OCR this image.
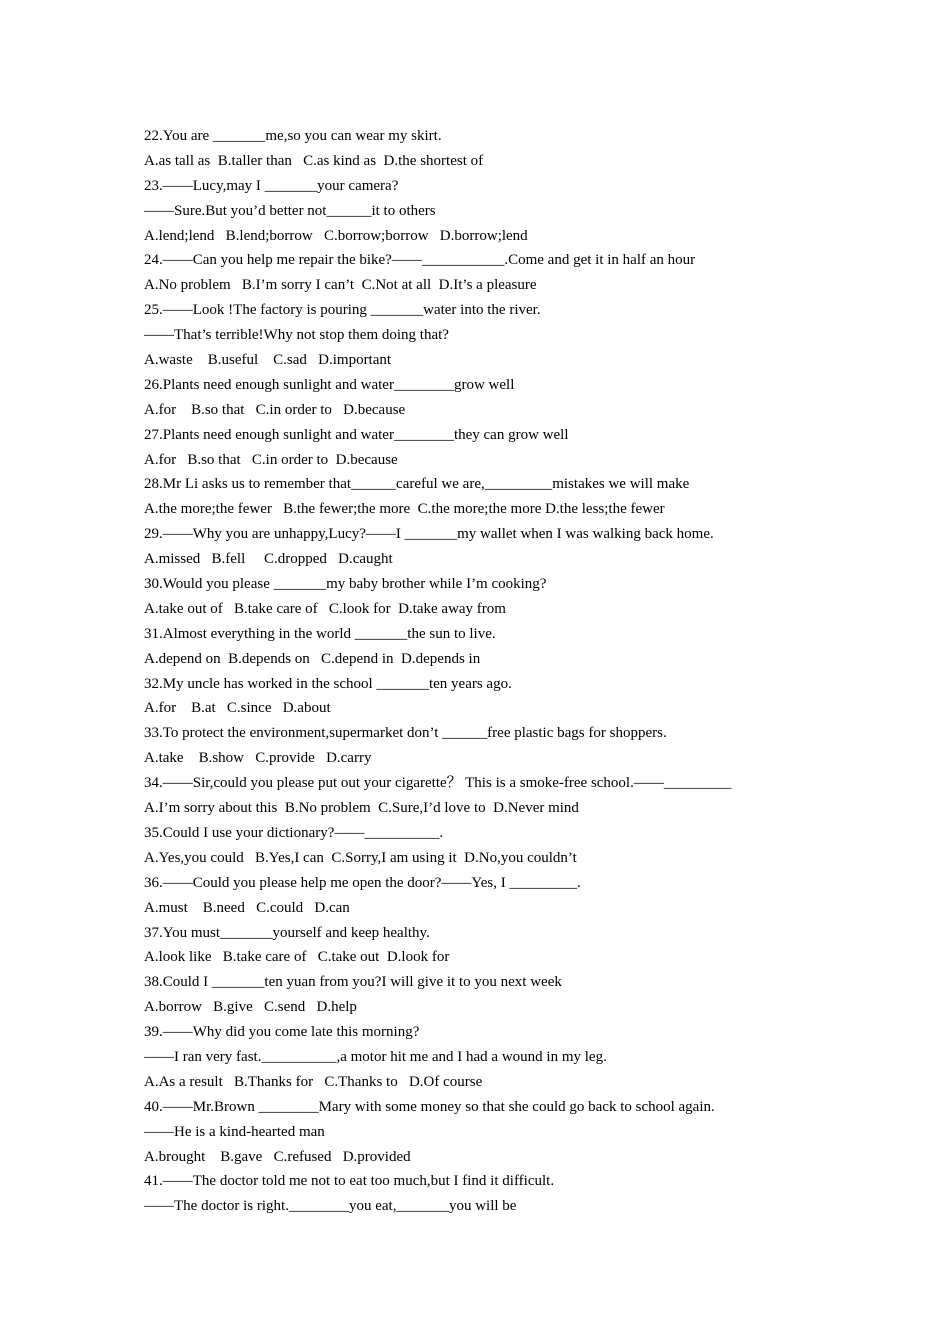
22.You are _______me,so you can wear my skirt.
A.as tall as  B.taller than   C.as kind as  D.the shortest of
23.——Lucy,may I _______your camera?
——Sure.But you’d better not______it to others
A.lend;lend   B.lend;borrow   C.borrow;borrow   D.borrow;lend
24.——Can you help me repair the bike?——___________.Come and get it in half an hour
A.No problem   B.I’m sorry I can’t  C.Not at all  D.It’s a pleasure
25.——Look !The factory is pouring _______water into the river.
——That’s terrible!Why not stop them doing that?
A.waste    B.useful    C.sad   D.important
26.Plants need enough sunlight and water________grow well
A.for    B.so that   C.in order to   D.because
27.Plants need enough sunlight and water________they can grow well
A.for   B.so that   C.in order to  D.because
28.Mr Li asks us to remember that______careful we are,_________mistakes we will make
A.the more;the fewer   B.the fewer;the more  C.the more;the more D.the less;the fewer
29.——Why you are unhappy,Lucy?——I _______my wallet when I was walking back home.
A.missed   B.fell     C.dropped   D.caught
30.Would you please _______my baby brother while I’m cooking?
A.take out of   B.take care of   C.look for  D.take away from
31.Almost everything in the world _______the sun to live.
A.depend on  B.depends on   C.depend in  D.depends in
32.My uncle has worked in the school _______ten years ago.
A.for    B.at   C.since   D.about
33.To protect the environment,supermarket don’t ______free plastic bags for shoppers.
A.take    B.show   C.provide   D.carry
34.——Sir,could you please put out your cigarette？ This is a smoke-free school.——_________
A.I’m sorry about this  B.No problem  C.Sure,I’d love to  D.Never mind
35.Could I use your dictionary?——__________.
A.Yes,you could   B.Yes,I can  C.Sorry,I am using it  D.No,you couldn’t
36.——Could you please help me open the door?——Yes, I _________.
A.must    B.need   C.could   D.can
37.You must_______yourself and keep healthy.
A.look like   B.take care of   C.take out  D.look for
38.Could I _______ten yuan from you?I will give it to you next week
A.borrow   B.give   C.send   D.help
39.——Why did you come late this morning?
——I ran very fast.__________,a motor hit me and I had a wound in my leg.
A.As a result   B.Thanks for   C.Thanks to   D.Of course
40.——Mr.Brown ________Mary with some money so that she could go back to school again.
——He is a kind-hearted man
A.brought    B.gave   C.refused   D.provided
41.——The doctor told me not to eat too much,but I find it difficult.
——The doctor is right.________you eat,_______you will be
